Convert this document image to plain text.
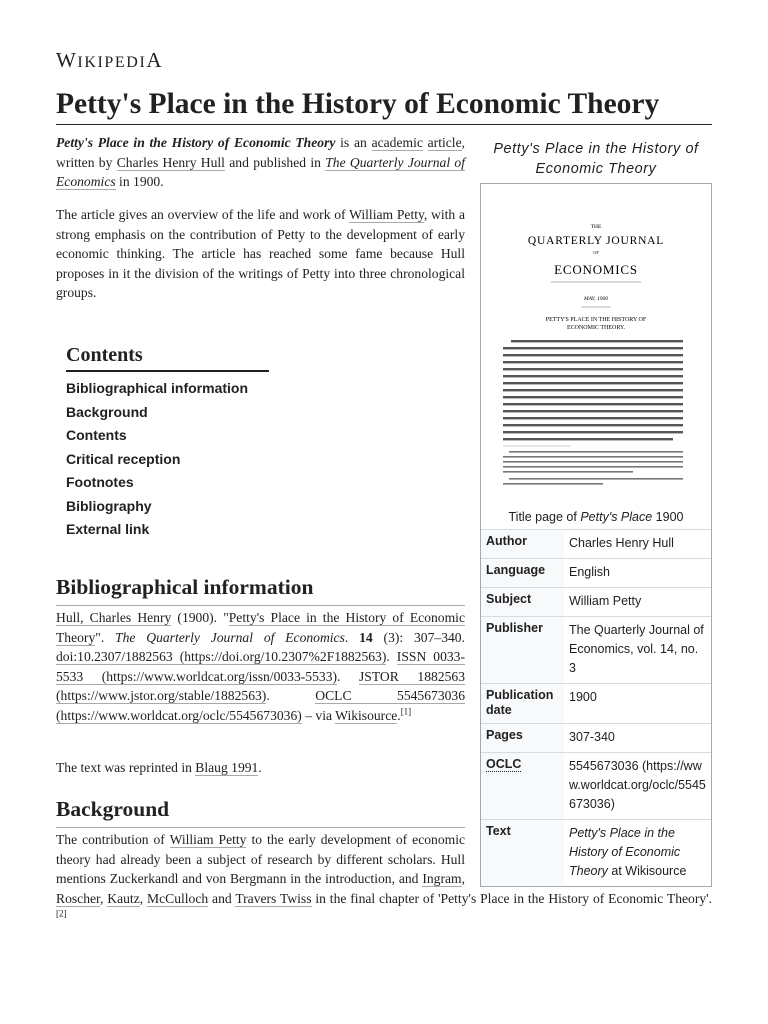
WIKIPEDIA
Petty's Place in the History of Economic Theory

Petty's Place in the History of Economic Theory is an academic article, written by Charles Henry Hull and published in The Quarterly Journal of Economics in 1900.

The article gives an overview of the life and work of William Petty, with a strong emphasis on the contribution of Petty to the development of early economic thinking. The article has reached some fame because Hull proposes in it the division of the writings of Petty into three chronological groups.

Contents
Bibliographical information
Background
Contents
Critical reception
Footnotes
Bibliography
External link
Petty's Place in the History of Economic Theory
THE
QUARTERLY JOURNAL
OF
ECONOMICS
MAY, 1900
PETTY'S PLACE IN THE HISTORY OF
ECONOMIC THEORY.
Title page of Petty's Place 1900
Author	Charles Henry Hull
Language	English
Subject	William Petty
Publisher	The Quarterly Journal of Economics, vol. 14, no. 3
Publication date	1900
Pages	307-340
OCLC	5545673036 (https://www.worldcat.org/oclc/5545673036)
Text	Petty's Place in the History of Economic Theory at Wikisource
Bibliographical information

Hull, Charles Henry (1900). "Petty's Place in the History of Economic Theory". The Quarterly Journal of Economics. 14 (3): 307–340. doi:10.2307/1882563 (https://doi.org/10.2307%2F1882563). ISSN 0033-5533 (https://www.worldcat.org/issn/0033-5533). JSTOR 1882563 (https://www.jstor.org/stable/1882563). OCLC 5545673036 (https://www.worldcat.org/oclc/5545673036) – via Wikisource.[1]

The text was reprinted in Blaug 1991.

Background

The contribution of William Petty to the early development of economic theory had already been a subject of research by different scholars. Hull mentions Zuckerkandl and von Bergmann in the introduction, and Ingram, Roscher, Kautz, McCulloch and Travers Twiss in the final chapter of 'Petty's Place in the History of Economic Theory'.[2]
